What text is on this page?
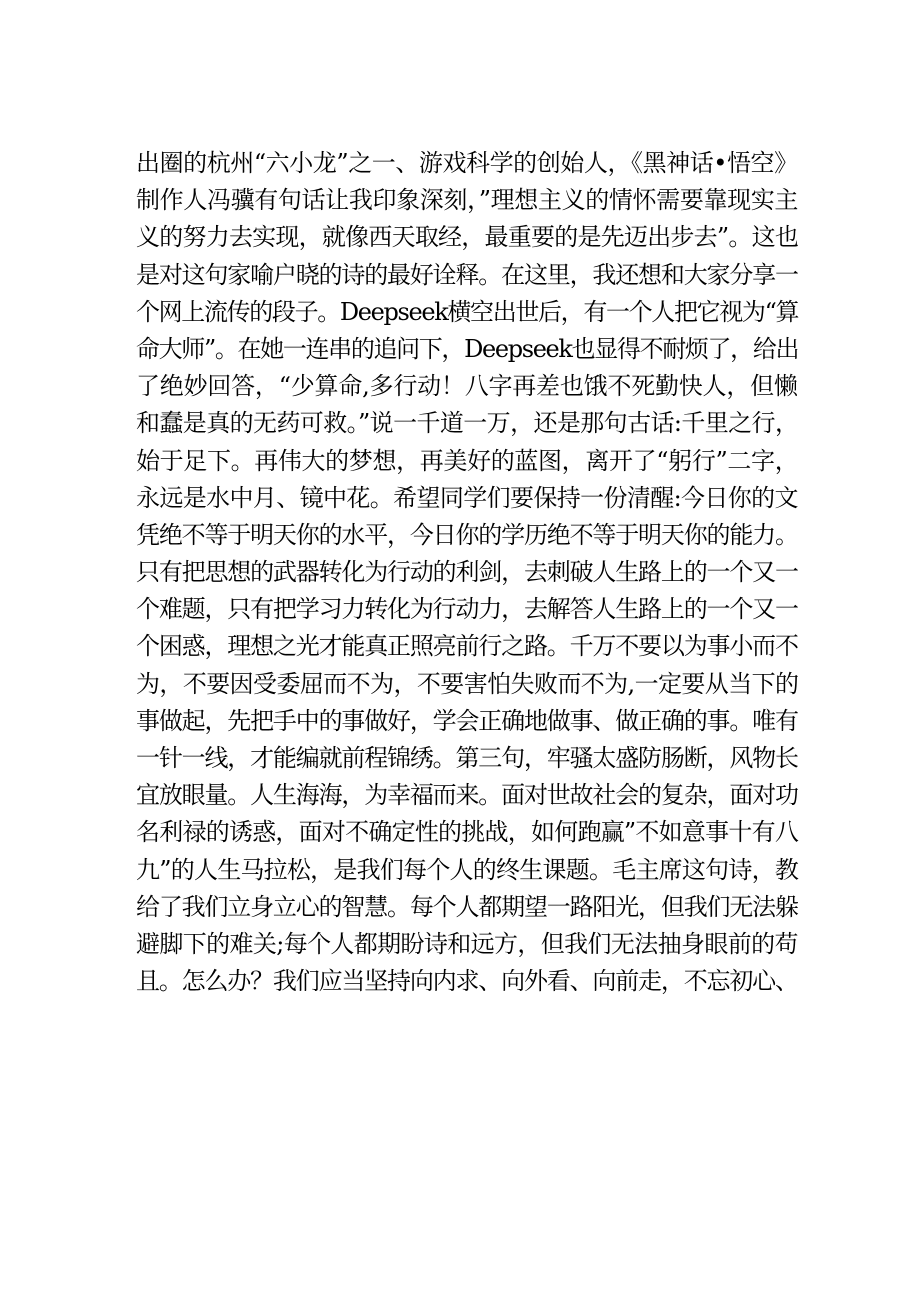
出圈的杭州“六小龙”之一、游戏科学的创始人，《黑神话•悟空》
制作人冯骥有句话让我印象深刻，”理想主义的情怀需要靠现实主
义的努力去实现，就像西天取经，最重要的是先迈出步去”。这也
是对这句家喻户晓的诗的最好诠释。在这里，我还想和大家分享一
个网上流传的段子。Deepseek横空出世后，有一个人把它视为“算
命大师”。在她一连串的追问下，Deepseek也显得不耐烦了，给出
了绝妙回答，“少算命,多行动！八字再差也饿不死勤快人，但懒
和蠢是真的无药可救。”说一千道一万，还是那句古话:千里之行，
始于足下。再伟大的梦想，再美好的蓝图，离开了“躬行”二字，
永远是水中月、镜中花。希望同学们要保持一份清醒:今日你的文
凭绝不等于明天你的水平，今日你的学历绝不等于明天你的能力。
只有把思想的武器转化为行动的利剑，去刺破人生路上的一个又一
个难题，只有把学习力转化为行动力，去解答人生路上的一个又一
个困惑，理想之光才能真正照亮前行之路。千万不要以为事小而不
为，不要因受委屈而不为，不要害怕失败而不为,一定要从当下的
事做起，先把手中的事做好，学会正确地做事、做正确的事。唯有
一针一线，才能编就前程锦绣。第三句，牢骚太盛防肠断，风物长
宜放眼量。人生海海，为幸福而来。面对世故社会的复杂，面对功
名利禄的诱惑，面对不确定性的挑战，如何跑赢”不如意事十有八
九”的人生马拉松，是我们每个人的终生课题。毛主席这句诗，教
给了我们立身立心的智慧。每个人都期望一路阳光，但我们无法躲
避脚下的难关;每个人都期盼诗和远方，但我们无法抽身眼前的苟
且。怎么办？我们应当坚持向内求、向外看、向前走，不忘初心、
